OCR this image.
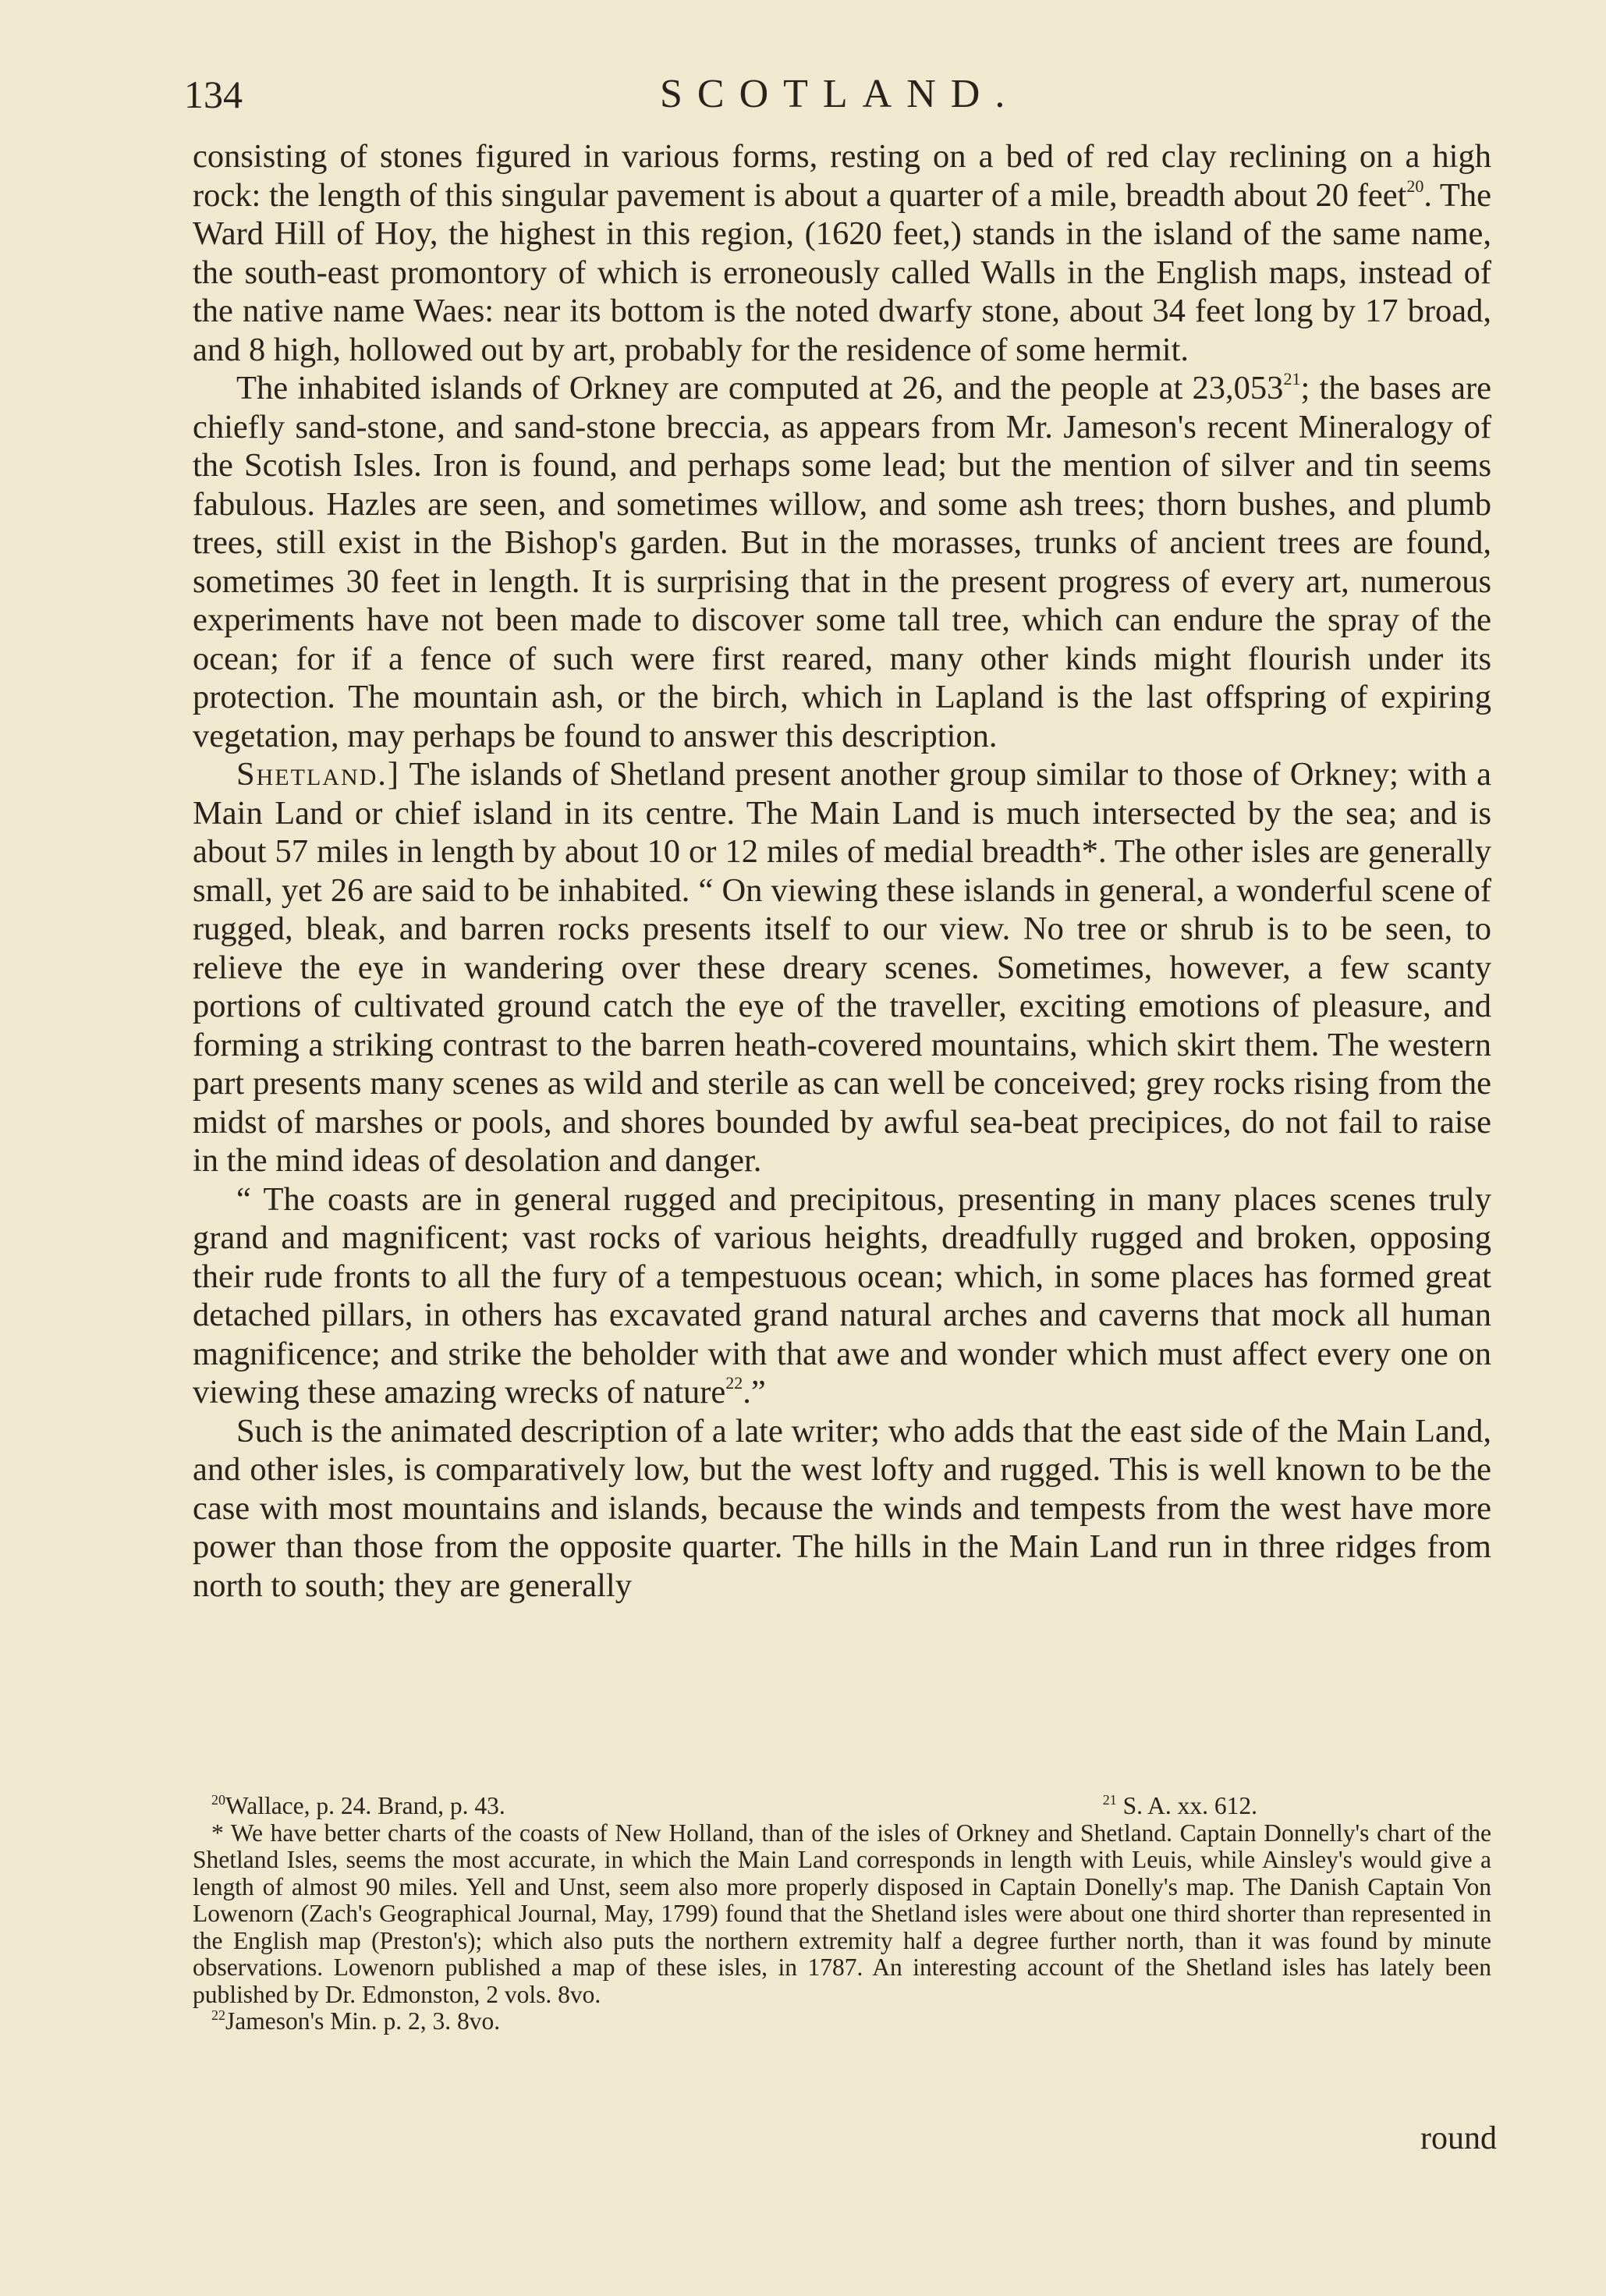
134	SCOTLAND.

consisting of stones figured in various forms, resting on a bed of red clay reclining on a high rock: the length of this singular pavement is about a quarter of a mile, breadth about 20 feet$^{20}$. The Ward Hill of Hoy, the highest in this region, (1620 feet,) stands in the island of the same name, the south-east promontory of which is erroneously called Walls in the English maps, instead of the native name Waes: near its bottom is the noted dwarfy stone, about 34 feet long by 17 broad, and 8 high, hollowed out by art, probably for the residence of some hermit.

The inhabited islands of Orkney are computed at 26, and the people at 23,053$^{21}$; the bases are chiefly sand-stone, and sand-stone breccia, as appears from Mr. Jameson's recent Mineralogy of the Scotish Isles. Iron is found, and perhaps some lead; but the mention of silver and tin seems fabulous. Hazles are seen, and sometimes willow, and some ash trees; thorn bushes, and plumb trees, still exist in the Bishop's garden. But in the morasses, trunks of ancient trees are found, sometimes 30 feet in length. It is surprising that in the present progress of every art, numerous experiments have not been made to discover some tall tree, which can endure the spray of the ocean; for if a fence of such were first reared, many other kinds might flourish under its protection. The mountain ash, or the birch, which in Lapland is the last offspring of expiring vegetation, may perhaps be found to answer this description.

Shetland.] The islands of Shetland present another group similar to those of Orkney; with a Main Land or chief island in its centre. The Main Land is much intersected by the sea; and is about 57 miles in length by about 10 or 12 miles of medial breadth*. The other isles are generally small, yet 26 are said to be inhabited. “ On viewing these islands in general, a wonderful scene of rugged, bleak, and barren rocks presents itself to our view. No tree or shrub is to be seen, to relieve the eye in wandering over these dreary scenes. Sometimes, however, a few scanty portions of cultivated ground catch the eye of the traveller, exciting emotions of pleasure, and forming a striking contrast to the barren heath-covered mountains, which skirt them. The western part presents many scenes as wild and sterile as can well be conceived; grey rocks rising from the midst of marshes or pools, and shores bounded by awful sea-beat precipices, do not fail to raise in the mind ideas of desolation and danger.

“ The coasts are in general rugged and precipitous, presenting in many places scenes truly grand and magnificent; vast rocks of various heights, dreadfully rugged and broken, opposing their rude fronts to all the fury of a tempestuous ocean; which, in some places has formed great detached pillars, in others has excavated grand natural arches and caverns that mock all human magnificence; and strike the beholder with that awe and wonder which must affect every one on viewing these amazing wrecks of nature$^{22}$.”

Such is the animated description of a late writer; who adds that the east side of the Main Land, and other isles, is comparatively low, but the west lofty and rugged. This is well known to be the case with most mountains and islands, because the winds and tempests from the west have more power than those from the opposite quarter. The hills in the Main Land run in three ridges from north to south; they are generally

$^{20}$Wallace, p. 24. Brand, p. 43.	$^{21}$ S. A. xx. 612.

* We have better charts of the coasts of New Holland, than of the isles of Orkney and Shetland. Captain Donnelly's chart of the Shetland Isles, seems the most accurate, in which the Main Land corresponds in length with Leuis, while Ainsley's would give a length of almost 90 miles. Yell and Unst, seem also more properly disposed in Captain Donelly's map. The Danish Captain Von Lowenorn (Zach's Geographical Journal, May, 1799) found that the Shetland isles were about one third shorter than represented in the English map (Preston's); which also puts the northern extremity half a degree further north, than it was found by minute observations. Lowenorn published a map of these isles, in 1787. An interesting account of the Shetland isles has lately been published by Dr. Edmonston, 2 vols. 8vo.

$^{22}$Jameson's Min. p. 2, 3. 8vo.

round
